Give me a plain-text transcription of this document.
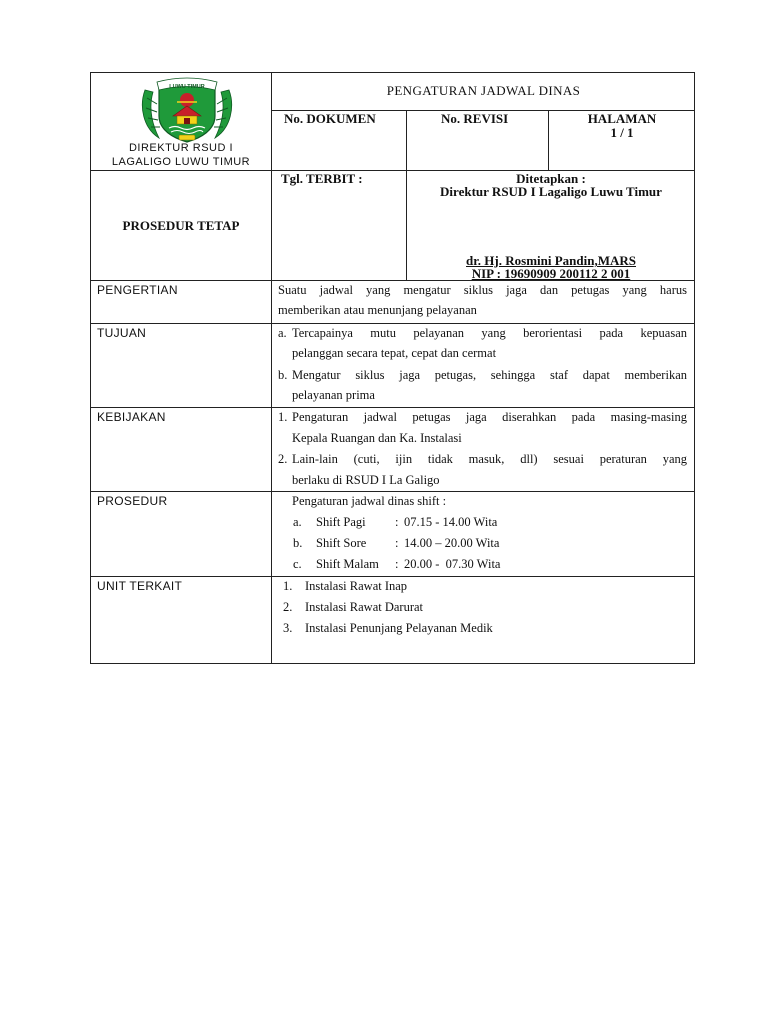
LUWU TIMUR
DIREKTUR RSUD I
LAGALIGO LUWU TIMUR
PENGATURAN JADWAL DINAS
No. DOKUMEN	No. REVISI	HALAMAN
1 / 1
PROSEDUR TETAP
Tgl. TERBIT :	Ditetapkan :
Direktur RSUD I Lagaligo Luwu Timur
dr. Hj. Rosmini Pandin,MARS
NIP : 19690909 200112 2 001
PENGERTIAN	Suatu jadwal yang mengatur siklus jaga dan petugas yang harus
memberikan atau menunjang pelayanan
TUJUAN	a. Tercapainya mutu pelayanan yang berorientasi pada kepuasan
pelanggan secara tepat, cepat dan cermat
b. Mengatur siklus jaga petugas, sehingga staf dapat memberikan
pelayanan prima
KEBIJAKAN	1. Pengaturan jadwal petugas jaga diserahkan pada masing-masing
Kepala Ruangan dan Ka. Instalasi
2. Lain-lain (cuti, ijin tidak masuk, dll) sesuai peraturan yang
berlaku di RSUD I La Galigo
PROSEDUR	Pengaturan jadwal dinas shift :
a. Shift Pagi : 07.15 - 14.00 Wita
b. Shift Sore : 14.00 – 20.00 Wita
c. Shift Malam : 20.00 -  07.30 Wita
UNIT TERKAIT	1. Instalasi Rawat Inap
2. Instalasi Rawat Darurat
3. Instalasi Penunjang Pelayanan Medik
